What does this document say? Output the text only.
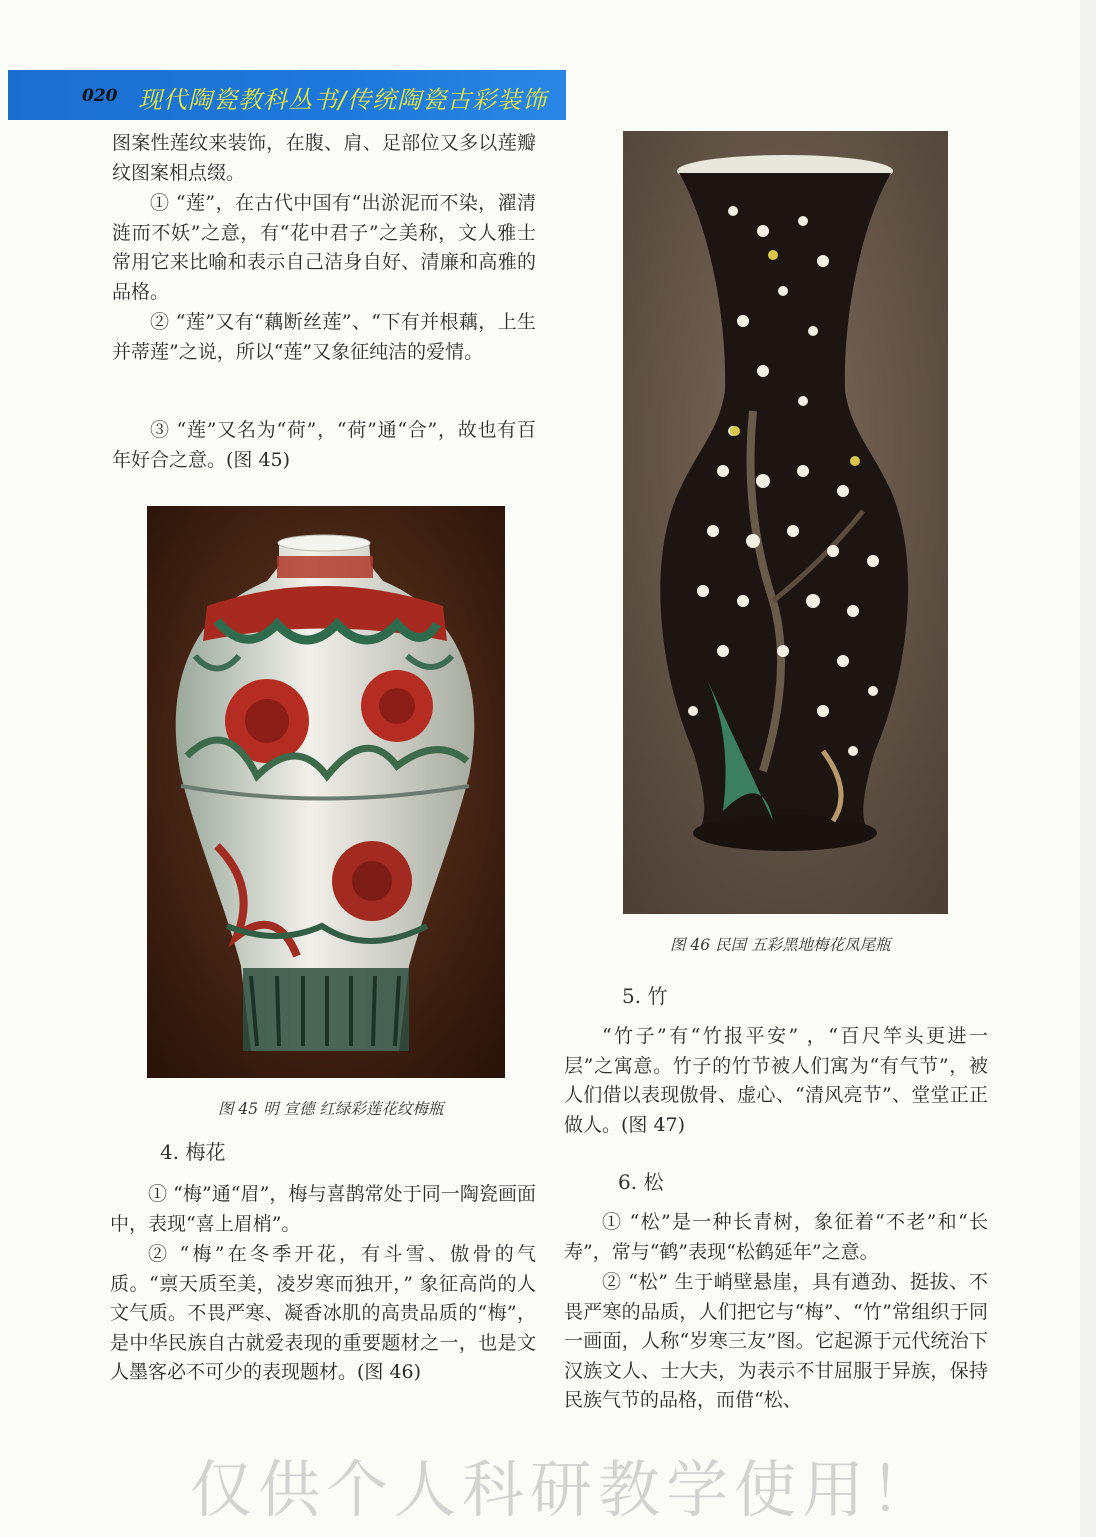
020 现代陶瓷教科丛书/传统陶瓷古彩装饰

图案性莲纹来装饰，在腹、肩、足部位又多以莲瓣纹图案相点缀。

① “莲”，在古代中国有“出淤泥而不染，濯清涟而不妖”之意，有“花中君子”之美称，文人雅士常用它来比喻和表示自己洁身自好、清廉和高雅的品格。

② “莲”又有“藕断丝莲”、“下有并根藕，上生并蒂莲”之说，所以“莲”又象征纯洁的爱情。

③ “莲”又名为“荷”，“荷”通“合”，故也有百年好合之意。(图 45)

图 45 明 宣德 红绿彩莲花纹梅瓶
图 46 民国 五彩黑地梅花凤尾瓶
4. 梅花

① “梅”通“眉”，梅与喜鹊常处于同一陶瓷画面中，表现“喜上眉梢”。

② “梅”在冬季开花，有斗雪、傲骨的气质。“禀天质至美，凌岁寒而独开，” 象征高尚的人文气质。不畏严寒、凝香冰肌的高贵品质的“梅”，是中华民族自古就爱表现的重要题材之一，也是文人墨客必不可少的表现题材。(图 46)

5. 竹

“竹子”有“竹报平安” ，“百尺竿头更进一层”之寓意。竹子的竹节被人们寓为“有气节”，被人们借以表现傲骨、虚心、“清风亮节”、堂堂正正做人。(图 47)

6. 松

① “松”是一种长青树，象征着“不老”和“长寿”，常与“鹤”表现“松鹤延年”之意。

② “松” 生于峭壁悬崖，具有遒劲、挺拔、不畏严寒的品质，人们把它与“梅”、“竹”常组织于同一画面，人称“岁寒三友”图。它起源于元代统治下汉族文人、士大夫，为表示不甘屈服于异族，保持民族气节的品格，而借“松、

仅供个人科研教学使用！
